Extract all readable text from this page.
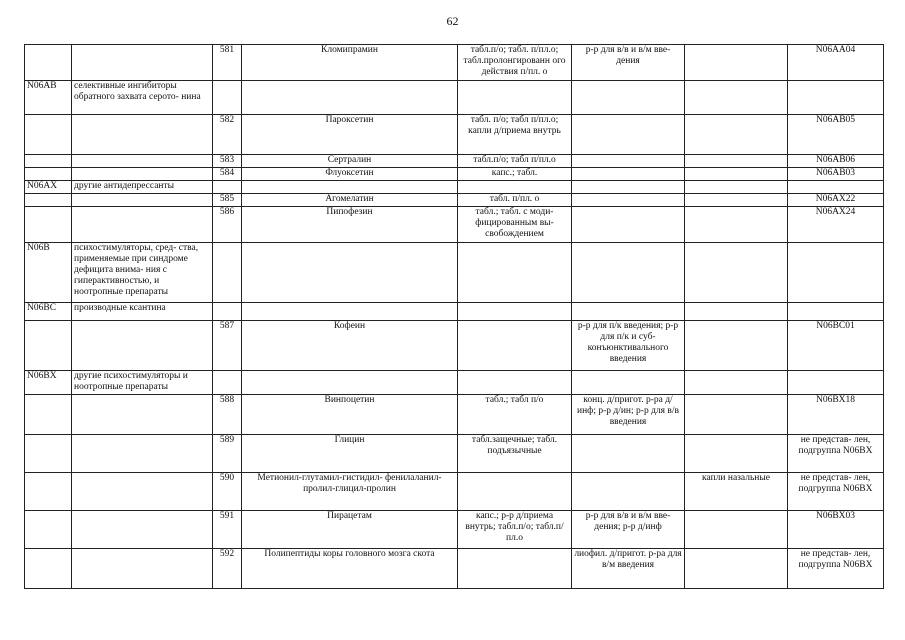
62

		581	Кломипрамин	табл.п/о; табл. п/пл.о; табл.пролонгированн ого действия п/пл. о	р-р для в/в и в/м вве- дения		N06AA04

N06AB	селективные ингибиторы обратного захвата серото- нина						

		582	Пароксетин	табл. п/о; табл п/пл.о; капли д/приема внутрь			N06AB05

		583	Сертралин	табл.п/о; табл п/пл.о			N06AB06

		584	Флуоксетин	капс.; табл.			N06AB03

N06AX	другие антидепрессанты						

		585	Агомелатин	табл. п/пл. о			N06AX22

		586	Пипофезин	табл.; табл. с моди- фицированным вы- свобождением			N06AX24

N06B	психостимуляторы, сред- ства, применяемые при синдроме дефицита внима- ния с гиперактивностью, и ноотропные препараты						

N06BC	производные ксантина						

		587	Кофеин		р-р для п/к введения; р-р для п/к и суб- конъюнктивального введения		N06BC01

N06BX	другие психостимуляторы и ноотропные препараты						

		588	Винпоцетин	табл.; табл п/о	конц. д/пригот. р-ра д/инф; р-р д/ин; р-р для в/в введения		N06BX18

		589	Глицин	табл.защечные; табл. подъязычные			не представ- лен, подгруппа N06BX

		590	Метионил-глутамил-гистидил- фенилаланил-пролил-глицил-пролин			капли назальные	не представ- лен, подгруппа N06BX

		591	Пирацетам	капс.; р-р д/приема внутрь; табл.п/о; табл.п/пл.о	р-р для в/в и в/м вве- дения; р-р д/инф		N06BX03

		592	Полипептиды коры головного мозга скота		лиофил. д/пригот. р-ра для в/м введения		не представ- лен, подгруппа N06BX
